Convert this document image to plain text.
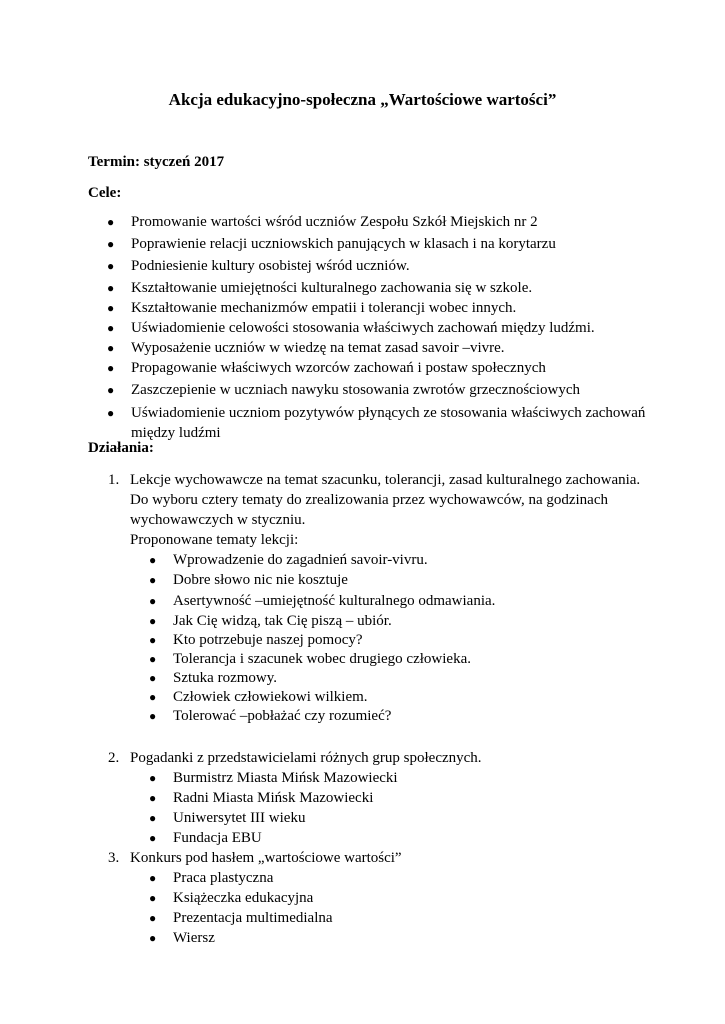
Akcja edukacyjno-społeczna „Wartościowe wartości”

Termin: styczeń 2017

Cele:

● Promowanie wartości wśród uczniów Zespołu Szkół Miejskich nr 2
● Poprawienie relacji uczniowskich panujących w klasach i na korytarzu
● Podniesienie kultury osobistej wśród uczniów.
● Kształtowanie umiejętności kulturalnego zachowania się w szkole.
● Kształtowanie mechanizmów empatii i tolerancji wobec innych.
● Uświadomienie celowości stosowania właściwych zachowań między ludźmi.
● Wyposażenie uczniów w wiedzę na temat zasad savoir –vivre.
● Propagowanie właściwych wzorców zachowań i postaw społecznych
● Zaszczepienie w uczniach nawyku stosowania zwrotów grzecznościowych
● Uświadomienie uczniom pozytywów płynących ze stosowania właściwych zachowań między ludźmi

Działania:

1. Lekcje wychowawcze na temat szacunku, tolerancji, zasad kulturalnego zachowania. Do wyboru cztery tematy do zrealizowania przez wychowawców, na godzinach wychowawczych w styczniu.
Proponowane tematy lekcji:
● Wprowadzenie do zagadnień savoir-vivru.
● Dobre słowo nic nie kosztuje
● Asertywność –umiejętność kulturalnego odmawiania.
● Jak Cię widzą, tak Cię piszą – ubiór.
● Kto potrzebuje naszej pomocy?
● Tolerancja i szacunek wobec drugiego człowieka.
● Sztuka rozmowy.
● Człowiek człowiekowi wilkiem.
● Tolerować –pobłażać czy rozumieć?
2. Pogadanki z przedstawicielami różnych grup społecznych.
● Burmistrz Miasta Mińsk Mazowiecki
● Radni Miasta Mińsk Mazowiecki
● Uniwersytet III wieku
● Fundacja EBU
3. Konkurs pod hasłem „wartościowe wartości”
● Praca plastyczna
● Książeczka edukacyjna
● Prezentacja multimedialna
● Wiersz
